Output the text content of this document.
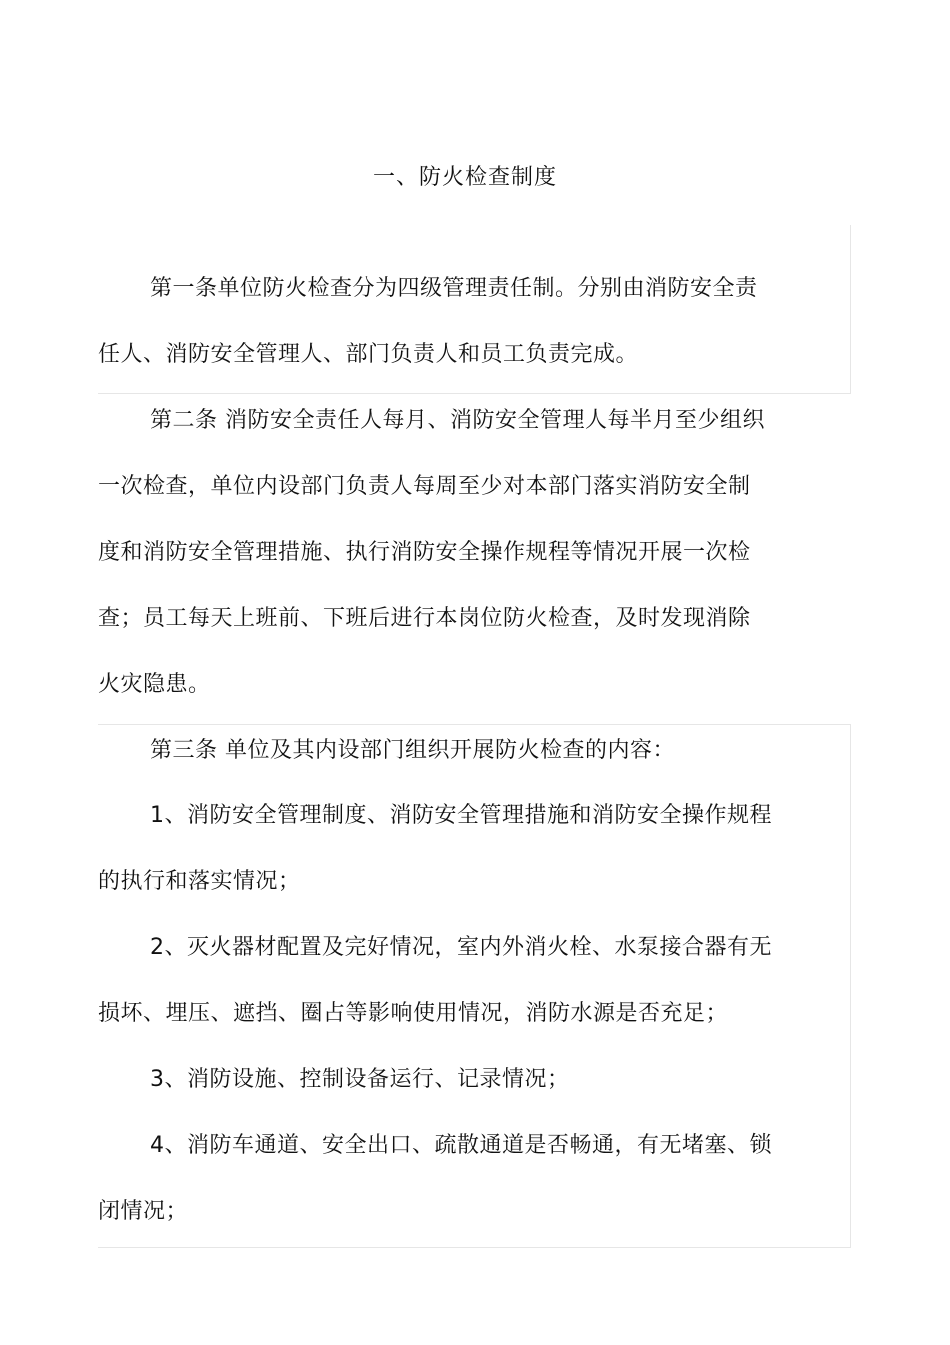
一、防火检查制度

第一条单位防火检查分为四级管理责任制。分别由消防安全责

任人、消防安全管理人、部门负责人和员工负责完成。

第二条 消防安全责任人每月、消防安全管理人每半月至少组织

一次检查，单位内设部门负责人每周至少对本部门落实消防安全制

度和消防安全管理措施、执行消防安全操作规程等情况开展一次检

查；员工每天上班前、下班后进行本岗位防火检查，及时发现消除

火灾隐患。

第三条 单位及其内设部门组织开展防火检查的内容：

1、消防安全管理制度、消防安全管理措施和消防安全操作规程

的执行和落实情况；

2、灭火器材配置及完好情况，室内外消火栓、水泵接合器有无

损坏、埋压、遮挡、圈占等影响使用情况，消防水源是否充足；

3、消防设施、控制设备运行、记录情况；

4、消防车通道、安全出口、疏散通道是否畅通，有无堵塞、锁

闭情况；
